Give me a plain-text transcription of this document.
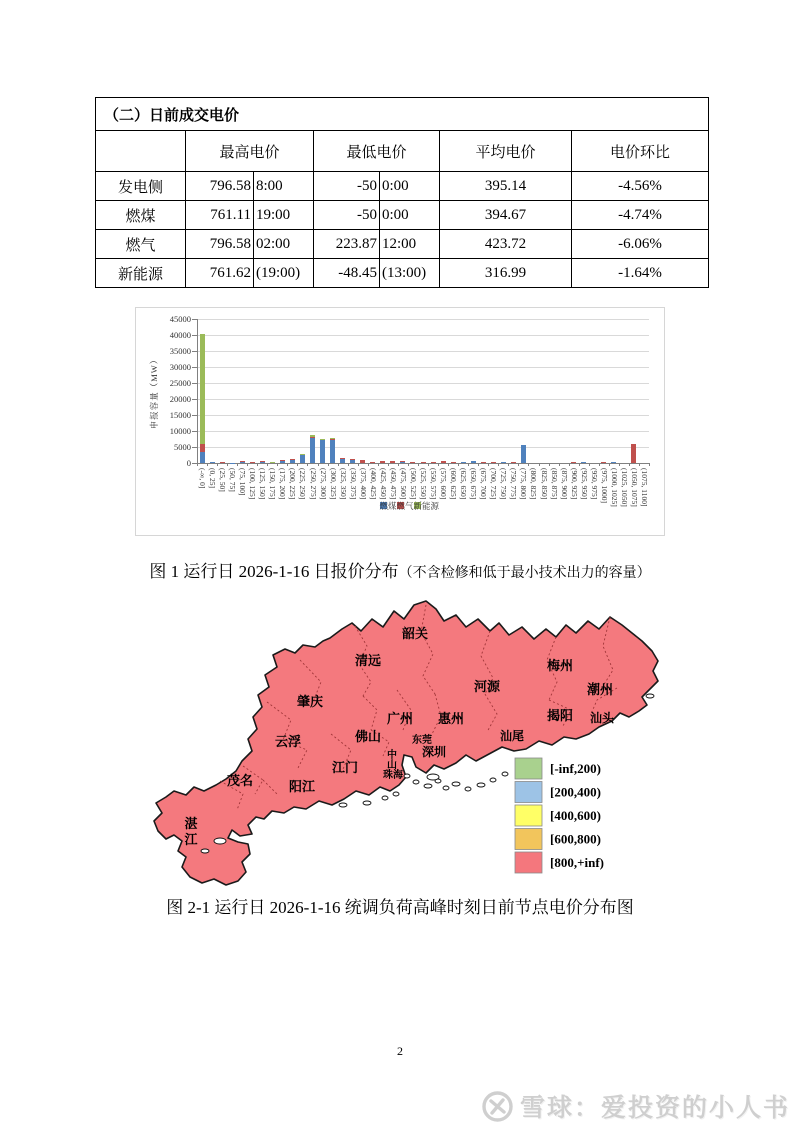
（二）日前成交电价						
	最高电价		最低电价		平均电价	电价环比
发电侧	796.58	8:00	-50	0:00	395.14	-4.56%
燃煤	761.11	19:00	-50	0:00	394.67	-4.74%
燃气	796.58	02:00	223.87	12:00	423.72	-6.06%
新能源	761.62	(19:00)	-48.45	(13:00)	316.99	-1.64%
申报容量（MW）
0
5000
10000
15000
20000
25000
30000
35000
40000
45000
(-∞, 0] (0, 25] (25, 50] (50, 75] (75, 100] (100, 125] (125, 150] (150, 175] (175, 200] (200, 225] (225, 250] (250, 275] (275, 300] (300, 325] (325, 350] (350, 375] (375, 400] (400, 425] (425, 450] (450, 475] (475, 500] (500, 525] (525, 550] (550, 575] (575, 600] (600, 625] (625, 650] (650, 675] (675, 700] (700, 725] (725, 750] (750, 775] (775, 800] (800, 825] (825, 850] (850, 875] (875, 900] (900, 925] (925, 950] (950, 975] (975, 1000] (1000, 1025] (1025, 1050] (1050, 1075] (1075, 1100]
燃煤 燃气 新能源
图 1 运行日 2026-1-16 日报价分布（不含检修和低于最小技术出力的容量）
韶关
清远
肇庆
云浮
茂名	阳江
湛
江
江门
佛山
广州
东莞
中
山
珠海
深圳
惠州
河源
梅州
潮州
揭阳 汕头
汕尾
[-inf,200)
[200,400)
[400,600)
[600,800)
[800,+inf)
图 2-1 运行日 2026-1-16 统调负荷高峰时刻日前节点电价分布图
2
雪球：爱投资的小人书
